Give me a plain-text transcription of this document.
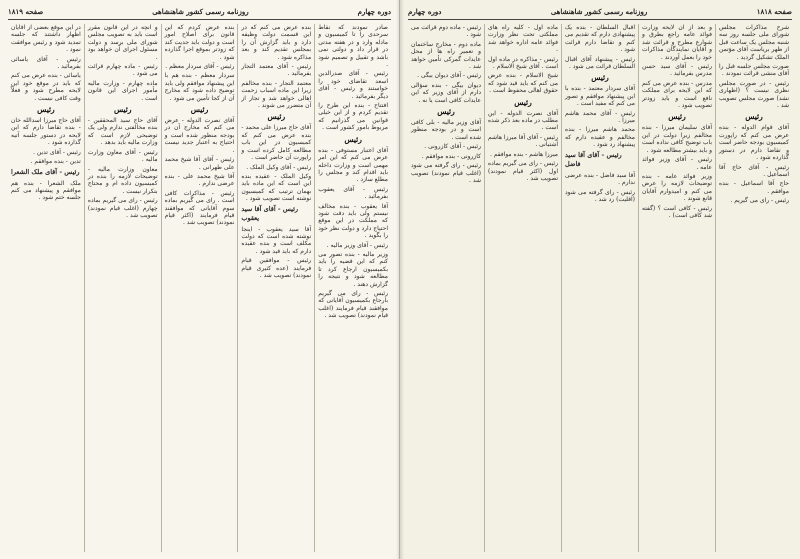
دوره چهارم
روزنامه رسمی کشور شاهنشاهی
صفحه ۱۸۱۹

صادر نمودند که نقاط سرحدی را تا کمیسیون و مادله وارد و در هفته مدتی در قرار داد و دولتی نمی باشد و تقبیل و تصمیم شود .

رئیس - آقای صدرالدین اسعد تقاضای خود را خواستند و رئیس - آقای دیگر بفرمائید .

افتتاح - بنده این طرح را تقدیم کردم و از این خیلی قوانین می گذرانیم که مربوط بامور کشور است .

رئیس

آقای اعتبار مستوفی - بنده عرض می کنم که این امر مهمی است و وزارت داخله باید اقدام کند و مجلس را مطلع سازد .

رئیس - آقای یعقوب بفرمائید .

آقا یعقوب - بنده مخالف نیستم ولی باید دقت شود که مملکت در این موقع احتیاج دارد و دولت نظر خود را بگوید .

رئیس - آقای وزیر مالیه .

وزیر مالیه - بنده تصور می کنم که این قضیه را باید بکمیسیون ارجاع کرد تا مطالعه شود و نتیجه را گزارش دهند .

رئیس - رای می گیریم بارجاع بکمیسیون آقایانی که موافقند قیام فرمایند (اغلب قیام نمودند) تصویب شد .

بنده عرض می کنم که در این قسمت دولت وظیفه دارد و باید گزارش آن را بمجلس تقدیم کند و بعد مذاکره شود .

رئیس - آقای معتمد التجار بفرمائید .

معتمد التجار - بنده مخالفم زیرا این ماده اسباب زحمت اهالی خواهد شد و تجار از آن متضرر می شوند .

رئیس

آقای حاج میرزا علی محمد - بنده عرض می کنم که کمیسیون در این باب مطالعه کامل کرده است و راپورت آن حاضر است .

رئیس - آقای وکیل الملک .

وکیل الملک - عقیده بنده این است که این ماده باید بهمان ترتیب که کمیسیون نوشته است تصویب شود .

رئیس - آقای آقا سید یعقوب

آقا سید یعقوب - اینجا نوشته شده است که دولت مکلف است و بنده عقیده دارم که باید قید شود .

رئیس - موافقین قیام فرمایند (عده کثیری قیام نمودند) تصویب شد .

بنده عرض کردم که این قانون برای اصلاح امور است و دولت باید جدیت کند که زودتر بموقع اجرا گذارده شود .

رئیس - آقای سردار معظم .

سردار معظم - بنده هم با این پیشنهاد موافقم ولی باید توضیح داده شود که مخارج آن از کجا تأمین می شود .

رئیس

آقای نصرت الدوله - عرض می کنم که مخارج آن در بودجه منظور شده است و احتیاج به اعتبار جدید نیست .

رئیس - آقای آقا شیخ محمد علی طهرانی .

آقا شیخ محمد علی - بنده عرضی ندارم .

رئیس - مذاکرات کافی است . رای می گیریم بماده سوم آقایانی که موافقند قیام فرمایند (اکثر قیام نمودند) تصویب شد .

و آنچه در این قانون مقرر است باید به تصویب مجلس شورای ملی برسد و دولت مسئول اجرای آن خواهد بود .

رئیس - ماده چهارم قرائت می شود .

ماده چهارم - وزارت مالیه مأمور اجرای این قانون است .

رئیس

آقای حاج سید المحققین - بنده مخالفتی ندارم ولی یک توضیحی لازم است که وزارت مالیه باید بدهد .

رئیس - آقای معاون وزارت مالیه .

معاون وزارت مالیه - توضیحات لازمه را بنده در کمیسیون داده ام و محتاج بتکرار نیست .

رئیس - رای می گیریم بماده چهارم (اغلب قیام نمودند) تصویب شد .

در این موقع بعضی از آقایان اظهار داشتند که جلسه تمدید شود و رئیس موافقت نمود .

رئیس - آقای یاسائی بفرمائید .

یاسائی - بنده عرض می کنم که باید در موقع خود این لایحه مطرح شود و فعلاً وقت کافی نیست .

رئیس

آقای حاج میرزا اسدالله خان - بنده تقاضا دارم که این لایحه در دستور جلسه آتیه گذارده شود .

رئیس - آقای تدین .

تدین - بنده موافقم .

رئیس - آقای ملک الشعرا

ملک الشعرا - بنده هم موافقم و پیشنهاد می کنم جلسه ختم شود .

صفحه ۱۸۱۸
روزنامه رسمی کشور شاهنشاهی
دوره چهارم

شرح مذاکرات مجلس شورای ملی جلسه روز سه شنبه مجلس یک ساعت قبل از ظهر بریاست آقای مؤتمن الملک تشکیل گردید .

صورت مجلس جلسه قبل را آقای منشی قرائت نمودند .

رئیس - در صورت مجلس نظری نیست ؟ (اظهاری نشد) صورت مجلس تصویب شد .

رئیس

آقای قوام الدوله - بنده عرض می کنم که راپورت کمیسیون بودجه حاضر است و تقاضا دارم در دستور گذارده شود .

رئیس - آقای حاج آقا اسماعیل .

حاج آقا اسماعیل - بنده موافقم .

رئیس - رای می گیریم .

و بعد از آن لایحه وزارت فوائد عامه راجع بطرق و شوارع مطرح و قرائت شد و آقایان نمایندگان مذاکرات خود را بعمل آوردند .

رئیس - آقای سید حسن مدرس بفرمائید .

مدرس - بنده عرض می کنم که این لایحه برای مملکت نافع است و باید زودتر تصویب شود .

رئیس

آقای سلیمان میرزا - بنده مخالفم زیرا دولت در این باب توضیح کافی نداده است و باید بیشتر مطالعه شود .

رئیس - آقای وزیر فوائد عامه .

وزیر فوائد عامه - بنده توضیحات لازمه را عرض می کنم و امیدوارم آقایان قانع شوند .

رئیس - کافی است ؟ (گفته شد کافی است) .

اقبال السلطان - بنده یک پیشنهادی دارم که تقدیم می کنم و تقاضا دارم قرائت شود .

رئیس - پیشنهاد آقای اقبال السلطان قرائت می شود .

رئیس

آقای سردار معتمد - بنده با این پیشنهاد موافقم و تصور می کنم که مفید است .

رئیس - آقای محمد هاشم میرزا .

محمد هاشم میرزا - بنده مخالفم و عقیده دارم که پیشنهاد رد شود .

رئیس - آقای آقا سید فاضل

آقا سید فاضل - بنده عرضی ندارم .

رئیس - رای گرفته می شود (اقلیت) رد شد .

ماده اول - کلیه راه های مملکتی تحت نظر وزارت فوائد عامه اداره خواهد شد .

رئیس - مذاکره در ماده اول است . آقای شیخ الاسلام .

شیخ الاسلام - بنده عرض می کنم که باید قید شود که حقوق اهالی محفوظ است .

رئیس

آقای نصرت الدوله - این مطلب در ماده بعد ذکر شده است .

رئیس - آقای آقا میرزا هاشم آشتیانی .

میرزا هاشم - بنده موافقم .

رئیس - رای می گیریم بماده اول (اکثر قیام نمودند) تصویب شد .

رئیس - ماده دوم قرائت می شود .

ماده دوم - مخارج ساختمان و تعمیر راه ها از محل عایدات گمرکی تأمین خواهد شد .

رئیس - آقای دیوان بیگی .

دیوان بیگی - بنده سؤالی دارم از آقای وزیر که این عایدات کافی است یا نه .

رئیس

آقای وزیر مالیه - بلی کافی است و در بودجه منظور شده است .

رئیس - آقای کازرونی .

کازرونی - بنده موافقم .

رئیس - رای گرفته می شود (اغلب قیام نمودند) تصویب شد .
